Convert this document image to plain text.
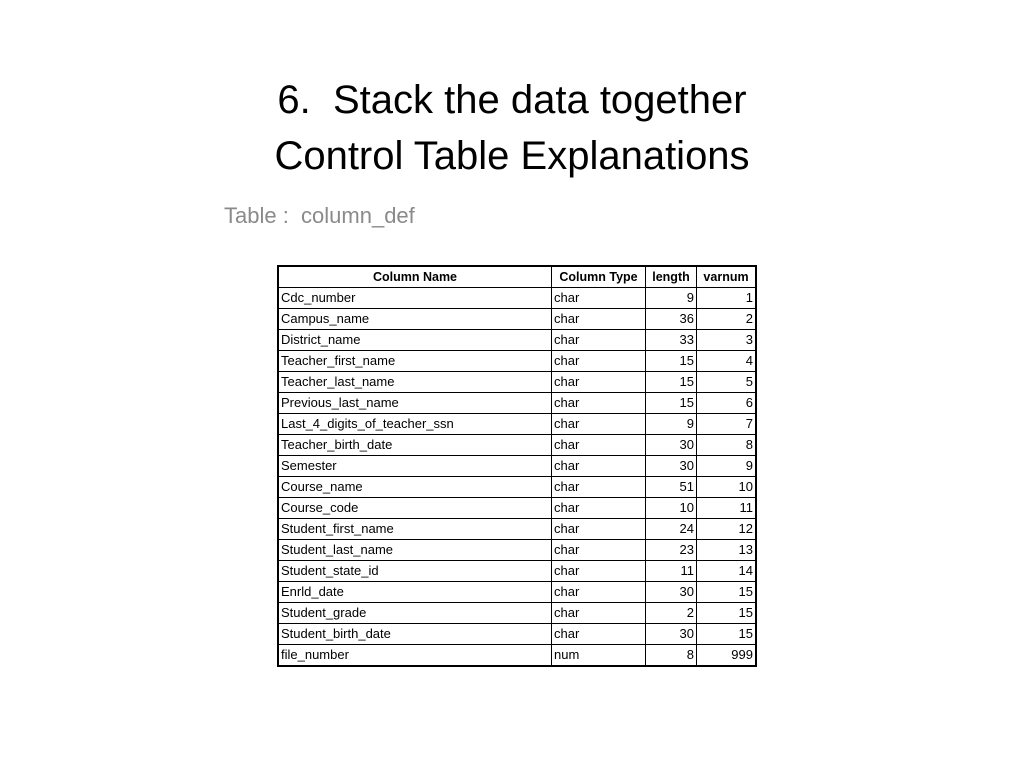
6.  Stack the data together
Control Table Explanations
Table :  column_def
Column Name	Column Type	length	varnum
Cdc_number	char	9	1
Campus_name	char	36	2
District_name	char	33	3
Teacher_first_name	char	15	4
Teacher_last_name	char	15	5
Previous_last_name	char	15	6
Last_4_digits_of_teacher_ssn	char	9	7
Teacher_birth_date	char	30	8
Semester	char	30	9
Course_name	char	51	10
Course_code	char	10	11
Student_first_name	char	24	12
Student_last_name	char	23	13
Student_state_id	char	11	14
Enrld_date	char	30	15
Student_grade	char	2	15
Student_birth_date	char	30	15
file_number	num	8	999
